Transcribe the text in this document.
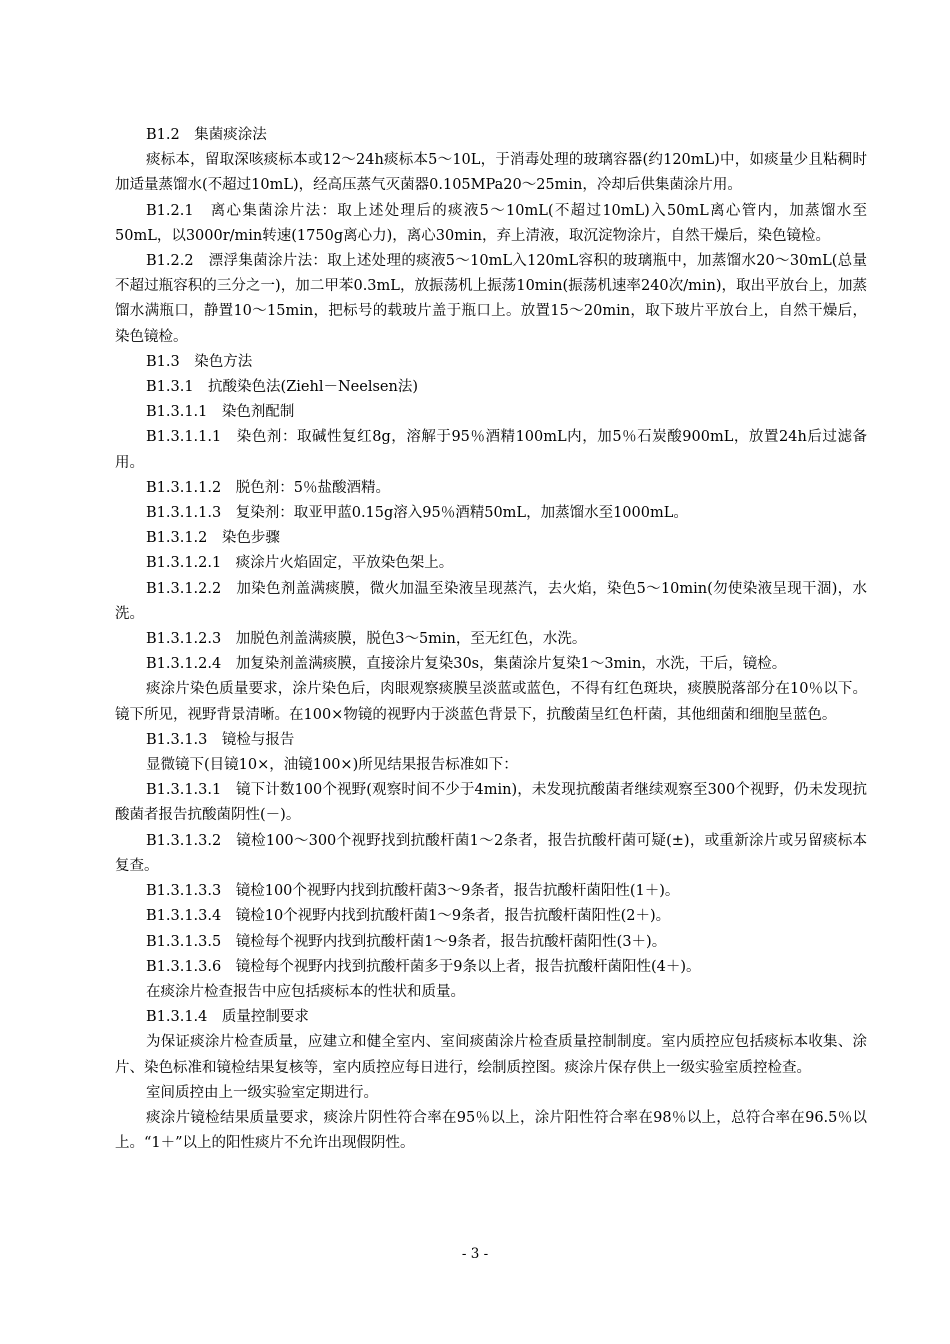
B1.2　集菌痰涂法

痰标本，留取深咳痰标本或12～24h痰标本5～10L，于消毒处理的玻璃容器(约120mL)中，如痰量少且粘稠时加适量蒸馏水(不超过10mL)，经高压蒸气灭菌器0.105MPa20～25min，冷却后供集菌涂片用。

B1.2.1　离心集菌涂片法：取上述处理后的痰液5～10mL(不超过10mL)入50mL离心管内，加蒸馏水至50mL，以3000r/min转速(1750g离心力)，离心30min，弃上清液，取沉淀物涂片，自然干燥后，染色镜检。

B1.2.2　漂浮集菌涂片法：取上述处理的痰液5～10mL入120mL容积的玻璃瓶中，加蒸馏水20～30mL(总量不超过瓶容积的三分之一)，加二甲苯0.3mL，放振荡机上振荡10min(振荡机速率240次/min)，取出平放台上，加蒸馏水满瓶口，静置10～15min，把标号的载玻片盖于瓶口上。放置15～20min，取下玻片平放台上，自然干燥后，染色镜检。

B1.3　染色方法

B1.3.1　抗酸染色法(Ziehl－Neelsen法)

B1.3.1.1　染色剂配制

B1.3.1.1.1　染色剂：取碱性复红8g，溶解于95％酒精100mL内，加5％石炭酸900mL，放置24h后过滤备用。

B1.3.1.1.2　脱色剂：5％盐酸酒精。

B1.3.1.1.3　复染剂：取亚甲蓝0.15g溶入95％酒精50mL，加蒸馏水至1000mL。

B1.3.1.2　染色步骤

B1.3.1.2.1　痰涂片火焰固定，平放染色架上。

B1.3.1.2.2　加染色剂盖满痰膜，微火加温至染液呈现蒸汽，去火焰，染色5～10min(勿使染液呈现干涸)，水洗。

B1.3.1.2.3　加脱色剂盖满痰膜，脱色3～5min，至无红色，水洗。

B1.3.1.2.4　加复染剂盖满痰膜，直接涂片复染30s，集菌涂片复染1～3min，水洗，干后，镜检。

痰涂片染色质量要求，涂片染色后，肉眼观察痰膜呈淡蓝或蓝色，不得有红色斑块，痰膜脱落部分在10％以下。镜下所见，视野背景清晰。在100×物镜的视野内于淡蓝色背景下，抗酸菌呈红色杆菌，其他细菌和细胞呈蓝色。

B1.3.1.3　镜检与报告

显微镜下(目镜10×，油镜100×)所见结果报告标准如下：

B1.3.1.3.1　镜下计数100个视野(观察时间不少于4min)，未发现抗酸菌者继续观察至300个视野，仍未发现抗酸菌者报告抗酸菌阴性(－)。

B1.3.1.3.2　镜检100～300个视野找到抗酸杆菌1～2条者，报告抗酸杆菌可疑(±)，或重新涂片或另留痰标本复查。

B1.3.1.3.3　镜检100个视野内找到抗酸杆菌3～9条者，报告抗酸杆菌阳性(1＋)。

B1.3.1.3.4　镜检10个视野内找到抗酸杆菌1～9条者，报告抗酸杆菌阳性(2＋)。

B1.3.1.3.5　镜检每个视野内找到抗酸杆菌1～9条者，报告抗酸杆菌阳性(3＋)。

B1.3.1.3.6　镜检每个视野内找到抗酸杆菌多于9条以上者，报告抗酸杆菌阳性(4＋)。

在痰涂片检查报告中应包括痰标本的性状和质量。

B1.3.1.4　质量控制要求

为保证痰涂片检查质量，应建立和健全室内、室间痰菌涂片检查质量控制制度。室内质控应包括痰标本收集、涂片、染色标准和镜检结果复核等，室内质控应每日进行，绘制质控图。痰涂片保存供上一级实验室质控检查。

室间质控由上一级实验室定期进行。

痰涂片镜检结果质量要求，痰涂片阴性符合率在95％以上，涂片阳性符合率在98％以上，总符合率在96.5％以上。“1＋”以上的阳性痰片不允许出现假阴性。

- 3 -
